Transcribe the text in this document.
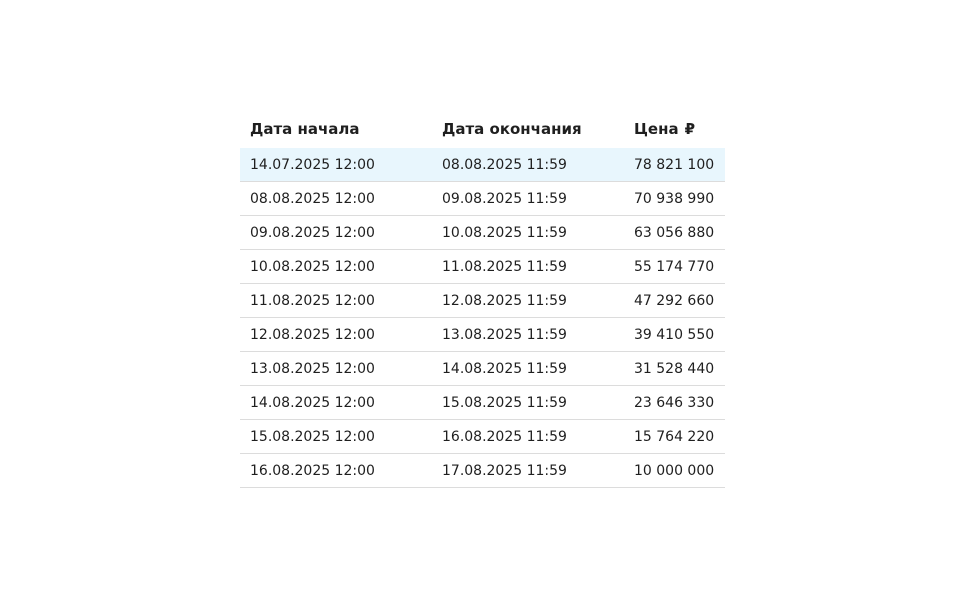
Дата начала	Дата окончания	Цена ₽
14.07.2025 12:00	08.08.2025 11:59	78 821 100
08.08.2025 12:00	09.08.2025 11:59	70 938 990
09.08.2025 12:00	10.08.2025 11:59	63 056 880
10.08.2025 12:00	11.08.2025 11:59	55 174 770
11.08.2025 12:00	12.08.2025 11:59	47 292 660
12.08.2025 12:00	13.08.2025 11:59	39 410 550
13.08.2025 12:00	14.08.2025 11:59	31 528 440
14.08.2025 12:00	15.08.2025 11:59	23 646 330
15.08.2025 12:00	16.08.2025 11:59	15 764 220
16.08.2025 12:00	17.08.2025 11:59	10 000 000
